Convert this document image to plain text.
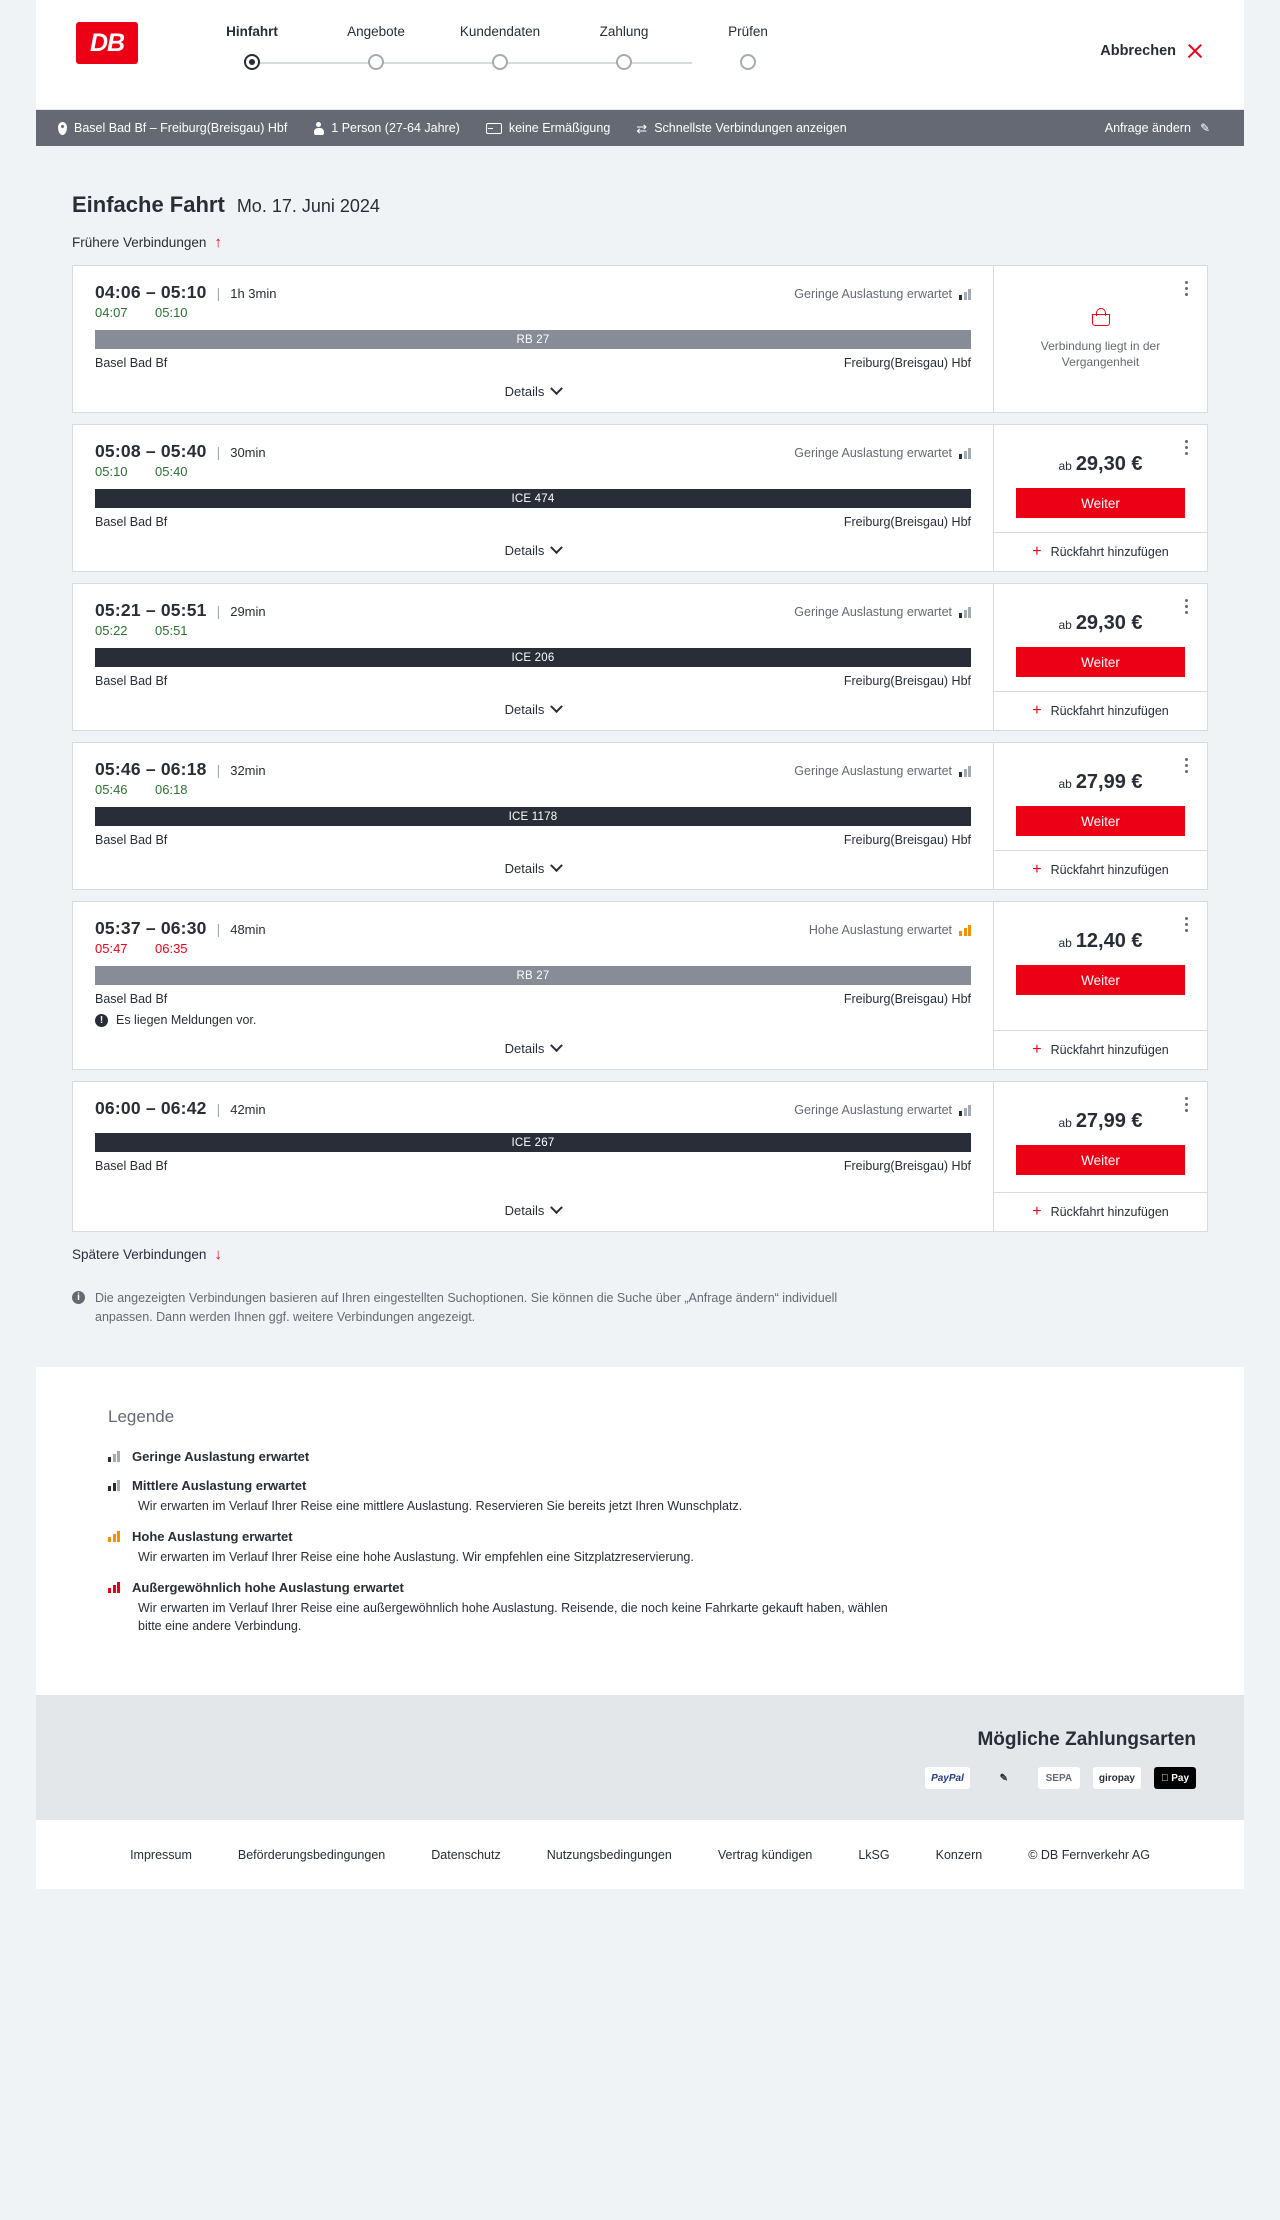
DB	Hinfahrt	Angebote	Kundendaten	Zahlung	Prüfen
Abbrechen
Basel Bad Bf – Freiburg(Breisgau) Hbf	1 Person (27-64 Jahre)	keine Ermäßigung ⇄ Schnellste Verbindungen anzeigen	Anfrage ändern ✎
Einfache Fahrt Mo. 17. Juni 2024
Frühere Verbindungen ↑
04:06 – 05:10 | 1h 3min	Geringe Auslastung erwartet
04:07	05:10
RB 27
Basel Bad Bf	Freiburg(Breisgau) Hbf
Details
Verbindung liegt in der Vergangenheit
05:08 – 05:40 | 30min	Geringe Auslastung erwartet
05:10	05:40
ICE 474
Basel Bad Bf	Freiburg(Breisgau) Hbf
Details
ab 29,30 €
Weiter
+ Rückfahrt hinzufügen
05:21 – 05:51 | 29min	Geringe Auslastung erwartet
05:22	05:51
ICE 206
Basel Bad Bf	Freiburg(Breisgau) Hbf
Details
ab 29,30 €
Weiter
+ Rückfahrt hinzufügen
05:46 – 06:18 | 32min	Geringe Auslastung erwartet
05:46	06:18
ICE 1178
Basel Bad Bf	Freiburg(Breisgau) Hbf
Details
ab 27,99 €
Weiter
+ Rückfahrt hinzufügen
05:37 – 06:30 | 48min	Hohe Auslastung erwartet
05:47	06:35
RB 27
Basel Bad Bf	Freiburg(Breisgau) Hbf
!	Es liegen Meldungen vor.
Details
ab 12,40 €
Weiter
+ Rückfahrt hinzufügen
06:00 – 06:42 | 42min	Geringe Auslastung erwartet
ICE 267
Basel Bad Bf	Freiburg(Breisgau) Hbf
Details
ab 27,99 €
Weiter
+ Rückfahrt hinzufügen
Spätere Verbindungen ↓
i	Die angezeigten Verbindungen basieren auf Ihren eingestellten Suchoptionen. Sie können die Suche über „Anfrage ändern“ individuell anpassen. Dann werden Ihnen ggf. weitere Verbindungen angezeigt.
Legende
Geringe Auslastung erwartet
Mittlere Auslastung erwartet
Wir erwarten im Verlauf Ihrer Reise eine mittlere Auslastung. Reservieren Sie bereits jetzt Ihren Wunschplatz.
Hohe Auslastung erwartet
Wir erwarten im Verlauf Ihrer Reise eine hohe Auslastung. Wir empfehlen eine Sitzplatzreservierung.
Außergewöhnlich hohe Auslastung erwartet
Wir erwarten im Verlauf Ihrer Reise eine außergewöhnlich hohe Auslastung. Reisende, die noch keine Fahrkarte gekauft haben, wählen bitte eine andere Verbindung.
Mögliche Zahlungsarten
PayPal	✎	SEPA	giropay	Pay
Impressum	Beförderungsbedingungen	Datenschutz	Nutzungsbedingungen	Vertrag kündigen	LkSG	Konzern	© DB Fernverkehr AG
